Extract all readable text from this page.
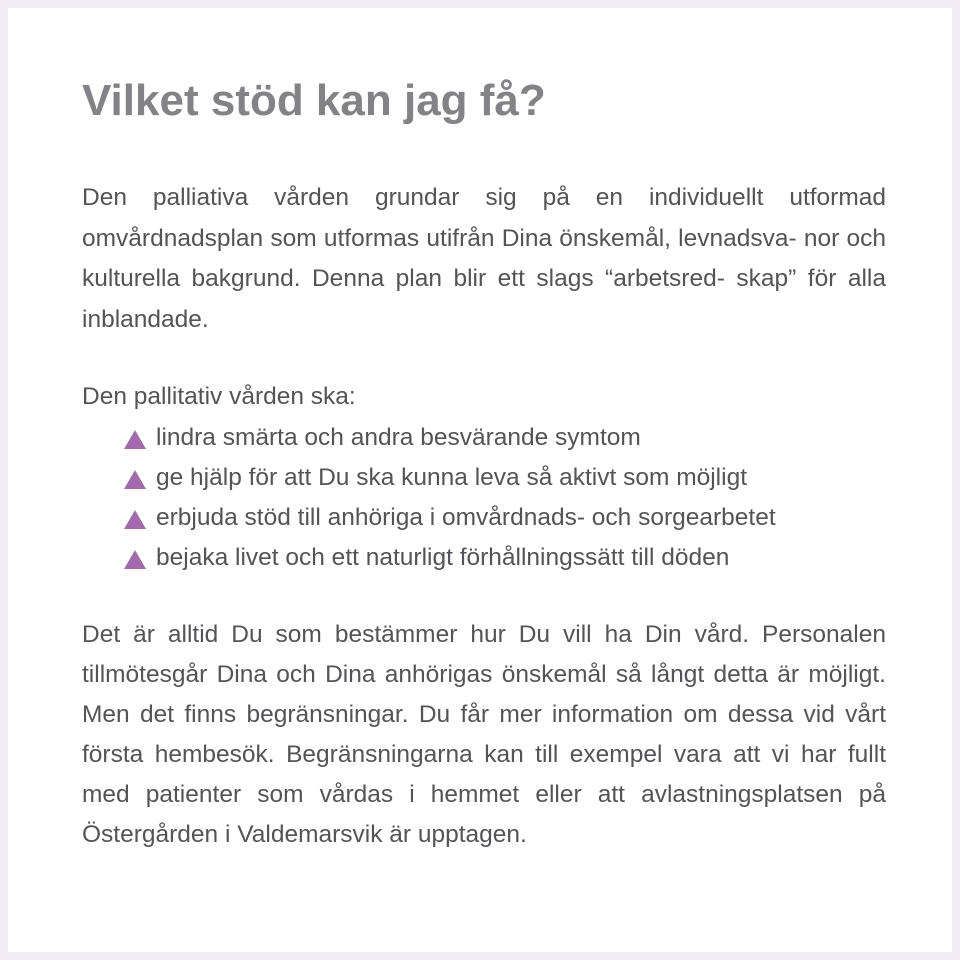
Vilket stöd kan jag få?

Den palliativa vården grundar sig på en individuellt utformad omvårdnadsplan som utformas utifrån Dina önskemål, levnadsva- nor och kulturella bakgrund. Denna plan blir ett slags “arbetsred- skap” för alla inblandade.

Den pallitativ vården ska:

lindra smärta och andra besvärande symtom
ge hjälp för att Du ska kunna leva så aktivt som möjligt
erbjuda stöd till anhöriga i omvårdnads- och sorgearbetet
bejaka livet och ett naturligt förhållningssätt till döden

Det är alltid Du som bestämmer hur Du vill ha Din vård. Personalen tillmötesgår Dina och Dina anhörigas önskemål så långt detta är möjligt. Men det finns begränsningar. Du får mer information om dessa vid vårt första hembesök. Begränsningarna kan till exempel vara att vi har fullt med patienter som vårdas i hemmet eller att avlastningsplatsen på Östergården i Valdemarsvik är upptagen.
